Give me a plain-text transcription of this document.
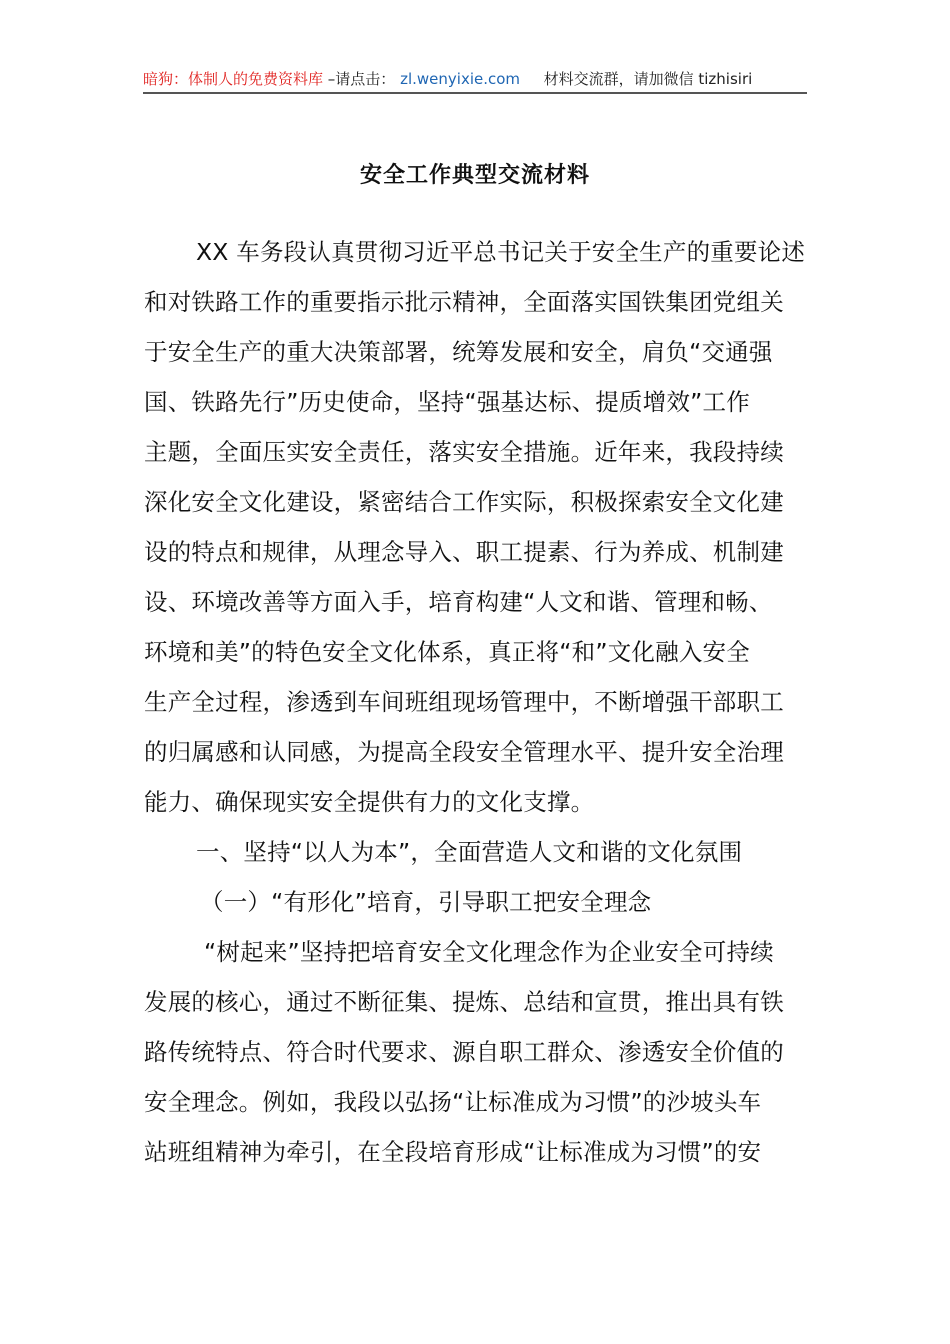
暗狗：体制人的免费资料库 –请点击： zl.wenyixie.com 材料交流群，请加微信 tizhisiri
安全工作典型交流材料
XX 车务段认真贯彻习近平总书记关于安全生产的重要论述
和对铁路工作的重要指示批示精神，全面落实国铁集团党组关
于安全生产的重大决策部署，统筹发展和安全，肩负“交通强
国、铁路先行”历史使命，坚持“强基达标、提质增效”工作
主题，全面压实安全责任，落实安全措施。近年来，我段持续
深化安全文化建设，紧密结合工作实际，积极探索安全文化建
设的特点和规律，从理念导入、职工提素、行为养成、机制建
设、环境改善等方面入手，培育构建“人文和谐、管理和畅、
环境和美”的特色安全文化体系，真正将“和”文化融入安全
生产全过程，渗透到车间班组现场管理中，不断增强干部职工
的归属感和认同感，为提高全段安全管理水平、提升安全治理
能力、确保现实安全提供有力的文化支撑。
一、坚持“以人为本”，全面营造人文和谐的文化氛围
（一）“有形化”培育，引导职工把安全理念
“树起来”坚持把培育安全文化理念作为企业安全可持续
发展的核心，通过不断征集、提炼、总结和宣贯，推出具有铁
路传统特点、符合时代要求、源自职工群众、渗透安全价值的
安全理念。例如，我段以弘扬“让标准成为习惯”的沙坡头车
站班组精神为牵引，在全段培育形成“让标准成为习惯”的安
